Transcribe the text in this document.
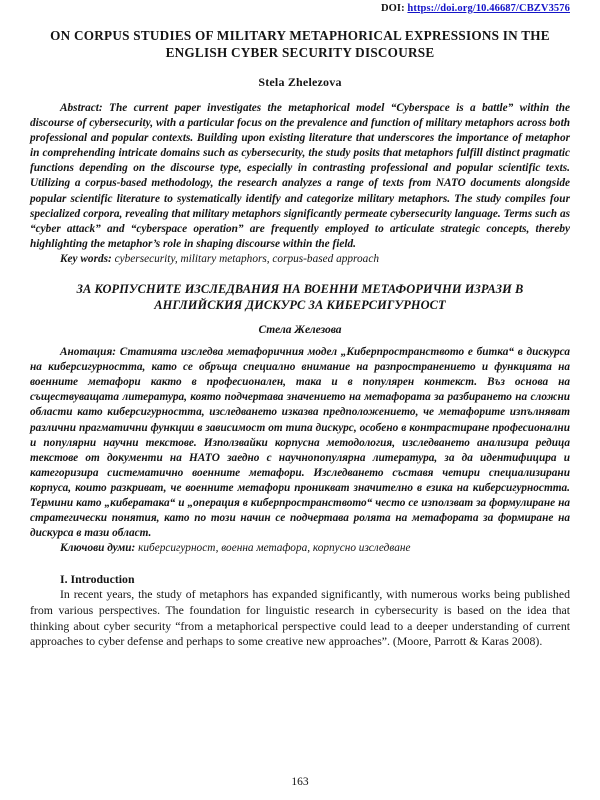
DOI: https://doi.org/10.46687/CBZV3576
ON CORPUS STUDIES OF MILITARY METAPHORICAL EXPRESSIONS IN THE ENGLISH CYBER SECURITY DISCOURSE
Stela Zhelezova

Abstract: The current paper investigates the metaphorical model “Cyberspace is a battle” within the discourse of cybersecurity, with a particular focus on the prevalence and function of military metaphors across both professional and popular contexts. Building upon existing literature that underscores the importance of metaphor in comprehending intricate domains such as cybersecurity, the study posits that metaphors fulfill distinct pragmatic functions depending on the discourse type, especially in contrasting professional and popular scientific texts. Utilizing a corpus-based methodology, the research analyzes a range of texts from NATO documents alongside popular scientific literature to systematically identify and categorize military metaphors. The study compiles four specialized corpora, revealing that military metaphors significantly permeate cybersecurity language. Terms such as “cyber attack” and “cyberspace operation” are frequently employed to articulate strategic concepts, thereby highlighting the metaphor’s role in shaping discourse within the field.

Key words: cybersecurity, military metaphors, corpus-based approach

ЗА КОРПУСНИТЕ ИЗСЛЕДВАНИЯ НА ВОЕННИ МЕТАФОРИЧНИ ИЗРАЗИ В АНГЛИЙСКИЯ ДИСКУРС ЗА КИБЕРСИГУРНОСТ
Стела Железова

Анотация: Статията изследва метафоричния модел „Киберпространството е битка“ в дискурса на киберсигурността, като се обръща специално внимание на разпространението и функцията на военните метафори както в професионален, така и в популярен контекст. Въз основа на съществуващата литература, която подчертава значението на метафората за разбирането на сложни области като киберсигурността, изследването изказва предположението, че метафорите изпълняват различни прагматични функции в зависимост от типа дискурс, особено в контрастиране професионални и популярни научни текстове. Използвайки корпусна методология, изследването анализира редица текстове от документи на НАТО заедно с научнопопулярна литература, за да идентифицира и категоризира систематично военните метафори. Изследването съставя четири специализирани корпуса, които разкриват, че военните метафори проникват значително в езика на киберсигурността. Термини като „кибератака“ и „операция в киберпространството“ често се използват за формулиране на стратегически понятия, като по този начин се подчертава ролята на метафората за формиране на дискурса в тази област.

Ключови думи: киберсигурност, военна метафора, корпусно изследване

I. Introduction

In recent years, the study of metaphors has expanded significantly, with numerous works being published from various perspectives. The foundation for linguistic research in cybersecurity is based on the idea that thinking about cyber security “from a metaphorical perspective could lead to a deeper understanding of current approaches to cyber defense and perhaps to some creative new approaches”. (Moore, Parrott & Karas 2008).

163
